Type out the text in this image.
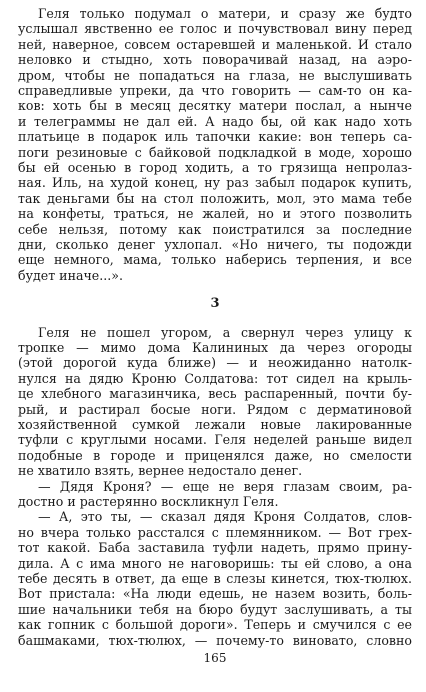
Геля только подумал о матери, и сразу же будто
услышал явственно ее голос и почувствовал вину перед
ней, наверное, совсем остаревшей и маленькой. И стало
неловко и стыдно, хоть поворачивай назад, на аэро-
дром, чтобы не попадаться на глаза, не выслушивать
справедливые упреки, да что говорить — сам-то он ка-
ков: хоть бы в месяц десятку матери послал, а нынче
и телеграммы не дал ей. А надо бы, ой как надо хоть
платьице в подарок иль тапочки какие: вон теперь са-
поги резиновые с байковой подкладкой в моде, хорошо
бы ей осенью в город ходить, а то грязища непролаз-
ная. Иль, на худой конец, ну раз забыл подарок купить,
так деньгами бы на стол положить, мол, это мама тебе
на конфеты, траться, не жалей, но и этого позволить
себе нельзя, потому как поистратился за последние
дни, сколько денег ухлопал. «Но ничего, ты подожди
еще немного, мама, только наберись терпения, и все
будет иначе...».
3
Геля не пошел угором, а свернул через улицу к
тропке — мимо дома Калининых да через огороды
(этой дорогой куда ближе) — и неожиданно натолк-
нулся на дядю Кроню Солдатова: тот сидел на крыль-
це хлебного магазинчика, весь распаренный, почти бу-
рый, и растирал босые ноги. Рядом с дерматиновой
хозяйственной сумкой лежали новые лакированные
туфли с круглыми носами. Геля неделей раньше видел
подобные в городе и приценялся даже, но смелости
не хватило взять, вернее недостало денег.
— Дядя Кроня? — еще не веря глазам своим, ра-
достно и растерянно воскликнул Геля.
— А, это ты, — сказал дядя Кроня Солдатов, слов-
но вчера только расстался с племянником. — Вот грех-
тот какой. Баба заставила туфли надеть, прямо прину-
дила. А с има много не наговоришь: ты ей слово, а она
тебе десять в ответ, да еще в слезы кинется, тюх-тюлюх.
Вот пристала: «На люди едешь, не назем возить, боль-
шие начальники тебя на бюро будут заслушивать, а ты
как гопник с большой дороги». Теперь и смучился с ее
башмаками, тюх-тюлюх, — почему-то виновато, словно
165
